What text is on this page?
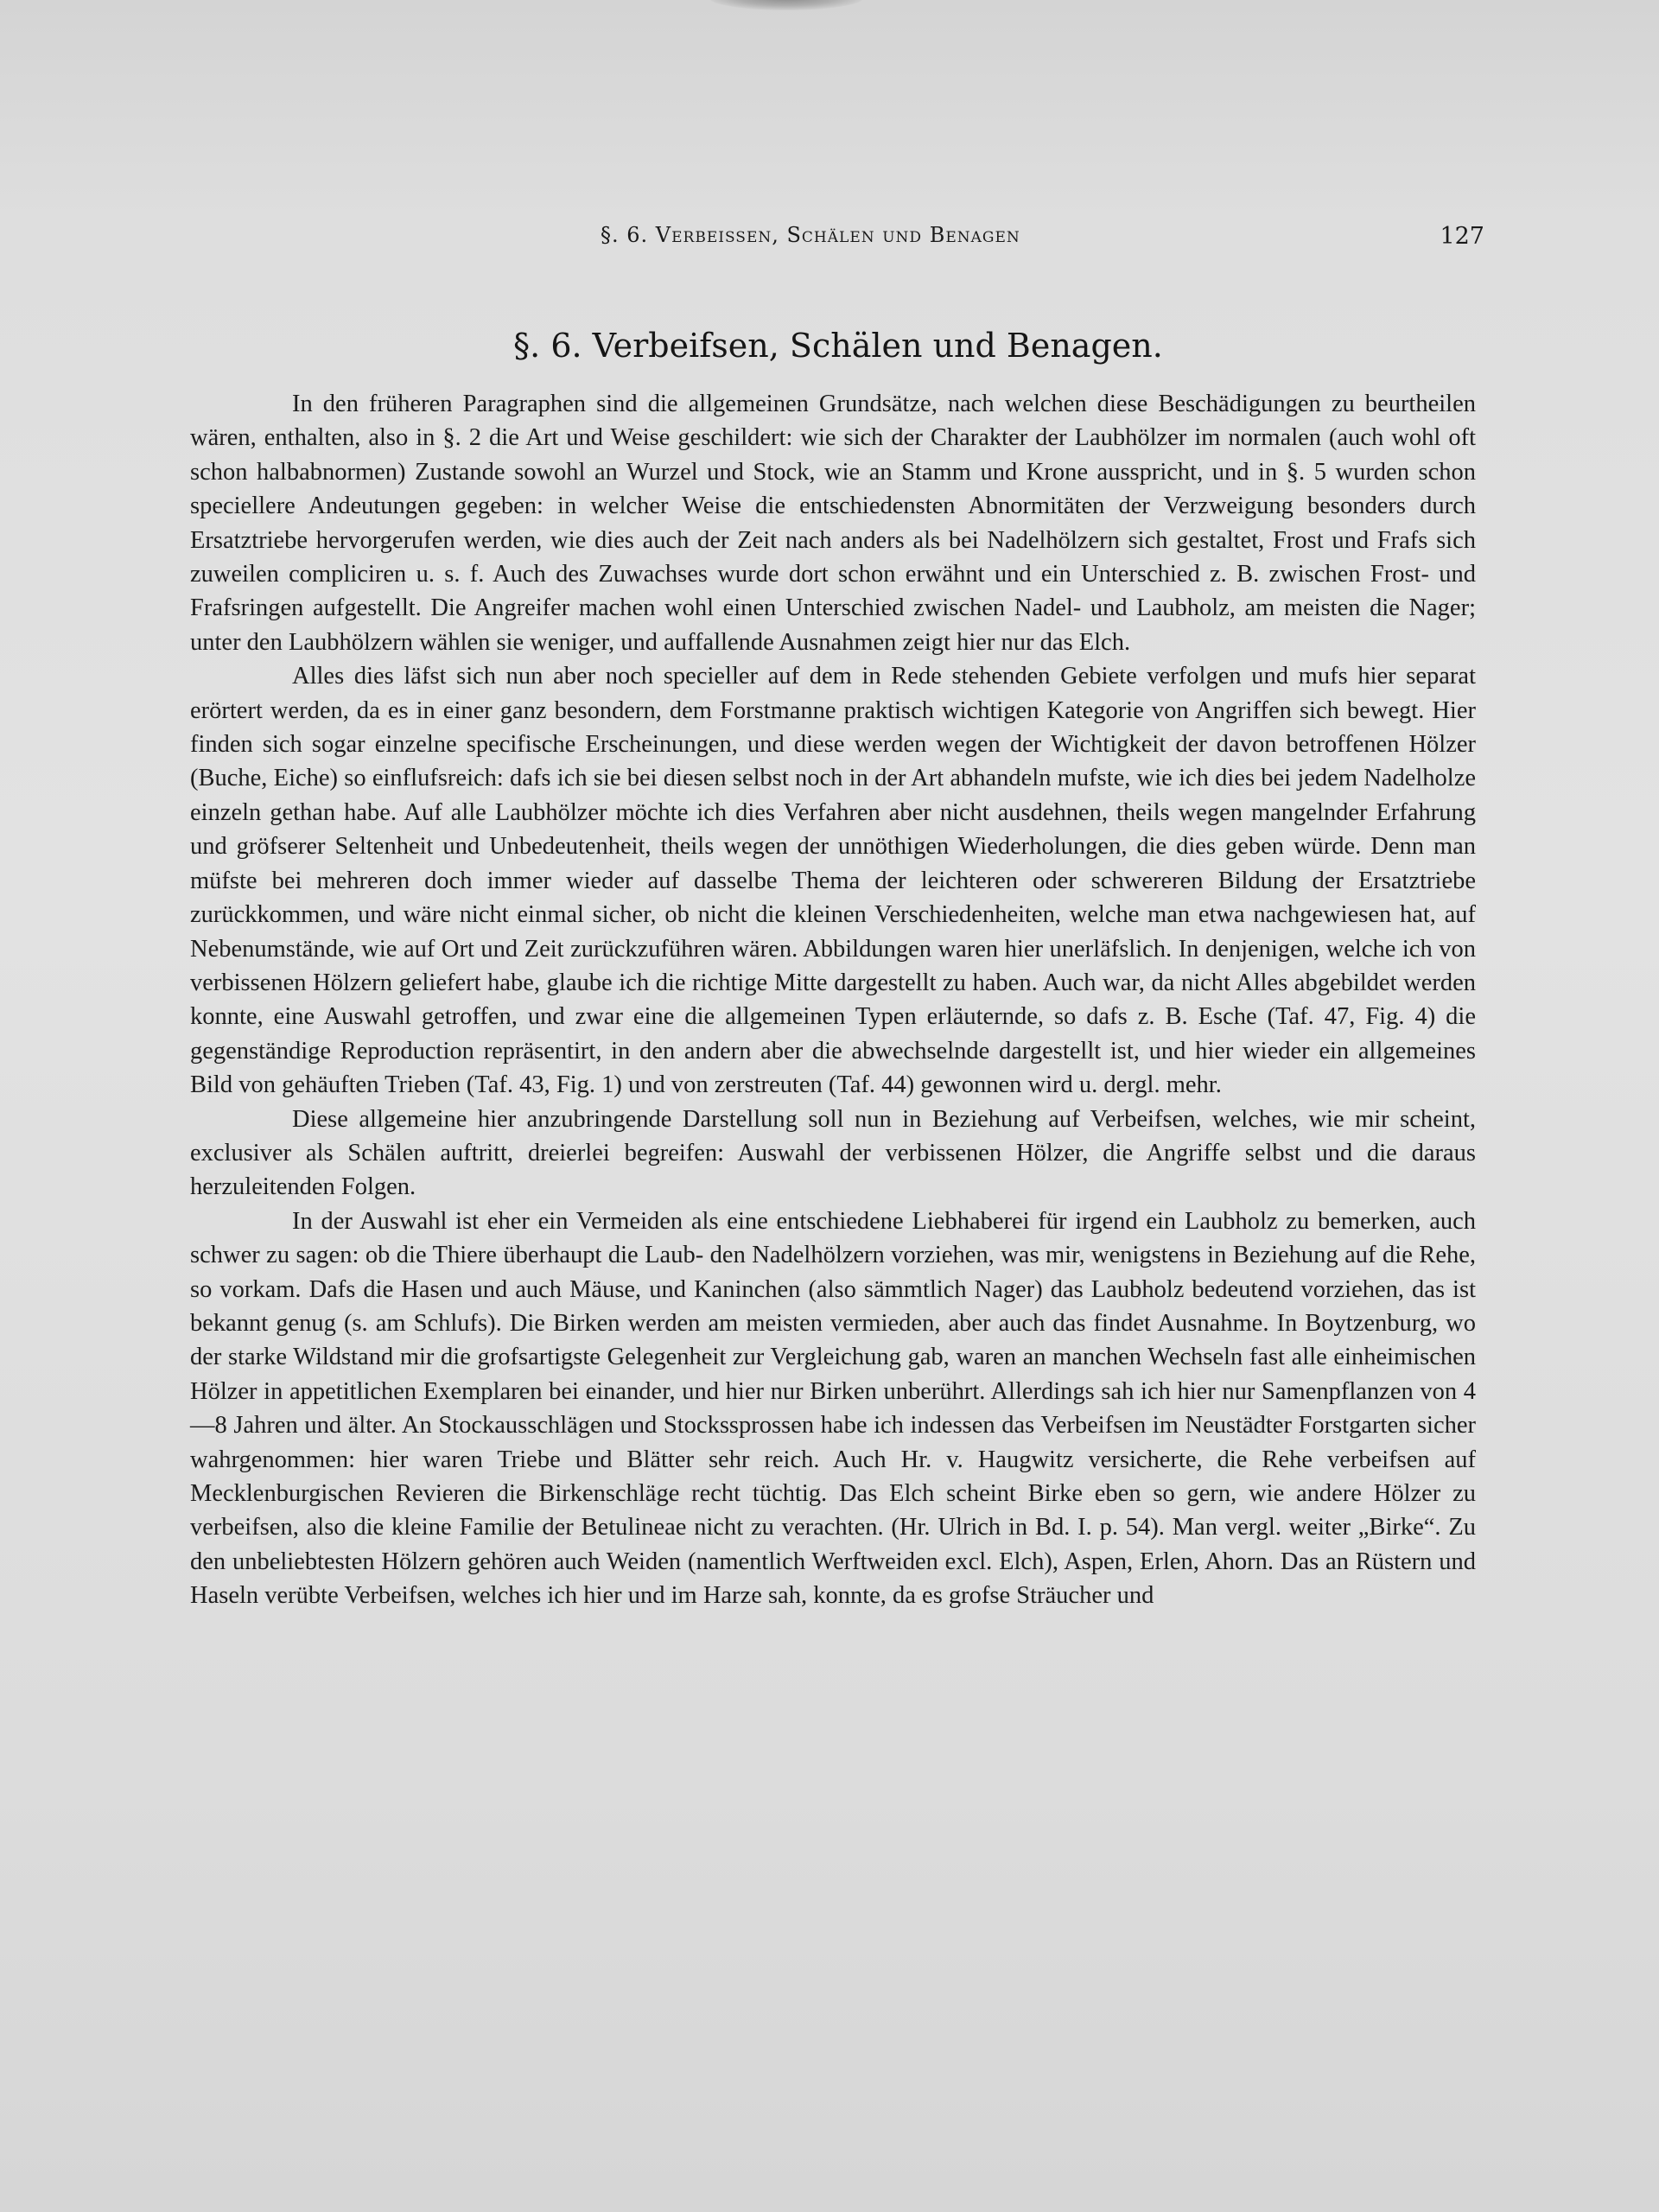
§. 6. Verbeissen, Schälen und Benagen	127
§. 6. Verbeifsen, Schälen und Benagen.

In den früheren Paragraphen sind die allgemeinen Grundsätze, nach welchen diese Beschädigungen zu beurtheilen wären, enthalten, also in §. 2 die Art und Weise geschildert: wie sich der Charakter der Laubhölzer im normalen (auch wohl oft schon halbabnormen) Zustande sowohl an Wurzel und Stock, wie an Stamm und Krone ausspricht, und in §. 5 wurden schon speciellere Andeutungen gegeben: in welcher Weise die entschiedensten Abnormitäten der Verzweigung besonders durch Ersatztriebe hervorgerufen werden, wie dies auch der Zeit nach anders als bei Nadelhölzern sich gestaltet, Frost und Frafs sich zuweilen compliciren u. s. f. Auch des Zuwachses wurde dort schon erwähnt und ein Unterschied z. B. zwischen Frost- und Frafsringen aufgestellt. Die Angreifer machen wohl einen Unterschied zwischen Nadel- und Laubholz, am meisten die Nager; unter den Laubhölzern wählen sie weniger, und auffallende Ausnahmen zeigt hier nur das Elch.

Alles dies läfst sich nun aber noch specieller auf dem in Rede stehenden Gebiete verfolgen und mufs hier separat erörtert werden, da es in einer ganz besondern, dem Forstmanne praktisch wichtigen Kategorie von Angriffen sich bewegt. Hier finden sich sogar einzelne specifische Erscheinungen, und diese werden wegen der Wichtigkeit der davon betroffenen Hölzer (Buche, Eiche) so einflufsreich: dafs ich sie bei diesen selbst noch in der Art abhandeln mufste, wie ich dies bei jedem Nadelholze einzeln gethan habe. Auf alle Laubhölzer möchte ich dies Verfahren aber nicht ausdehnen, theils wegen mangelnder Erfahrung und gröfserer Seltenheit und Unbedeutenheit, theils wegen der unnöthigen Wiederholungen, die dies geben würde. Denn man müfste bei mehreren doch immer wieder auf dasselbe Thema der leichteren oder schwereren Bildung der Ersatztriebe zurückkommen, und wäre nicht einmal sicher, ob nicht die kleinen Verschiedenheiten, welche man etwa nachgewiesen hat, auf Nebenumstände, wie auf Ort und Zeit zurückzuführen wären. Abbildungen waren hier unerläfslich. In denjenigen, welche ich von verbissenen Hölzern geliefert habe, glaube ich die richtige Mitte dargestellt zu haben. Auch war, da nicht Alles abgebildet werden konnte, eine Auswahl getroffen, und zwar eine die allgemeinen Typen erläuternde, so dafs z. B. Esche (Taf. 47, Fig. 4) die gegenständige Reproduction repräsentirt, in den andern aber die abwechselnde dargestellt ist, und hier wieder ein allgemeines Bild von gehäuften Trieben (Taf. 43, Fig. 1) und von zerstreuten (Taf. 44) gewonnen wird u. dergl. mehr.

Diese allgemeine hier anzubringende Darstellung soll nun in Beziehung auf Verbeifsen, welches, wie mir scheint, exclusiver als Schälen auftritt, dreierlei begreifen: Auswahl der verbissenen Hölzer, die Angriffe selbst und die daraus herzuleitenden Folgen.

In der Auswahl ist eher ein Vermeiden als eine entschiedene Liebhaberei für irgend ein Laubholz zu bemerken, auch schwer zu sagen: ob die Thiere überhaupt die Laub- den Nadelhölzern vorziehen, was mir, wenigstens in Beziehung auf die Rehe, so vorkam. Dafs die Hasen und auch Mäuse, und Kaninchen (also sämmtlich Nager) das Laubholz bedeutend vorziehen, das ist bekannt genug (s. am Schlufs). Die Birken werden am meisten vermieden, aber auch das findet Ausnahme. In Boytzenburg, wo der starke Wildstand mir die grofsartigste Gelegenheit zur Vergleichung gab, waren an manchen Wechseln fast alle einheimischen Hölzer in appetitlichen Exemplaren bei einander, und hier nur Birken unberührt. Allerdings sah ich hier nur Samenpflanzen von 4—8 Jahren und älter. An Stockausschlägen und Stockssprossen habe ich indessen das Verbeifsen im Neustädter Forstgarten sicher wahrgenommen: hier waren Triebe und Blätter sehr reich. Auch Hr. v. Haugwitz versicherte, die Rehe verbeifsen auf Mecklenburgischen Revieren die Birkenschläge recht tüchtig. Das Elch scheint Birke eben so gern, wie andere Hölzer zu verbeifsen, also die kleine Familie der Betulineae nicht zu verachten. (Hr. Ulrich in Bd. I. p. 54). Man vergl. weiter „Birke“. Zu den unbeliebtesten Hölzern gehören auch Weiden (namentlich Werftweiden excl. Elch), Aspen, Erlen, Ahorn. Das an Rüstern und Haseln verübte Verbeifsen, welches ich hier und im Harze sah, konnte, da es grofse Sträucher und
